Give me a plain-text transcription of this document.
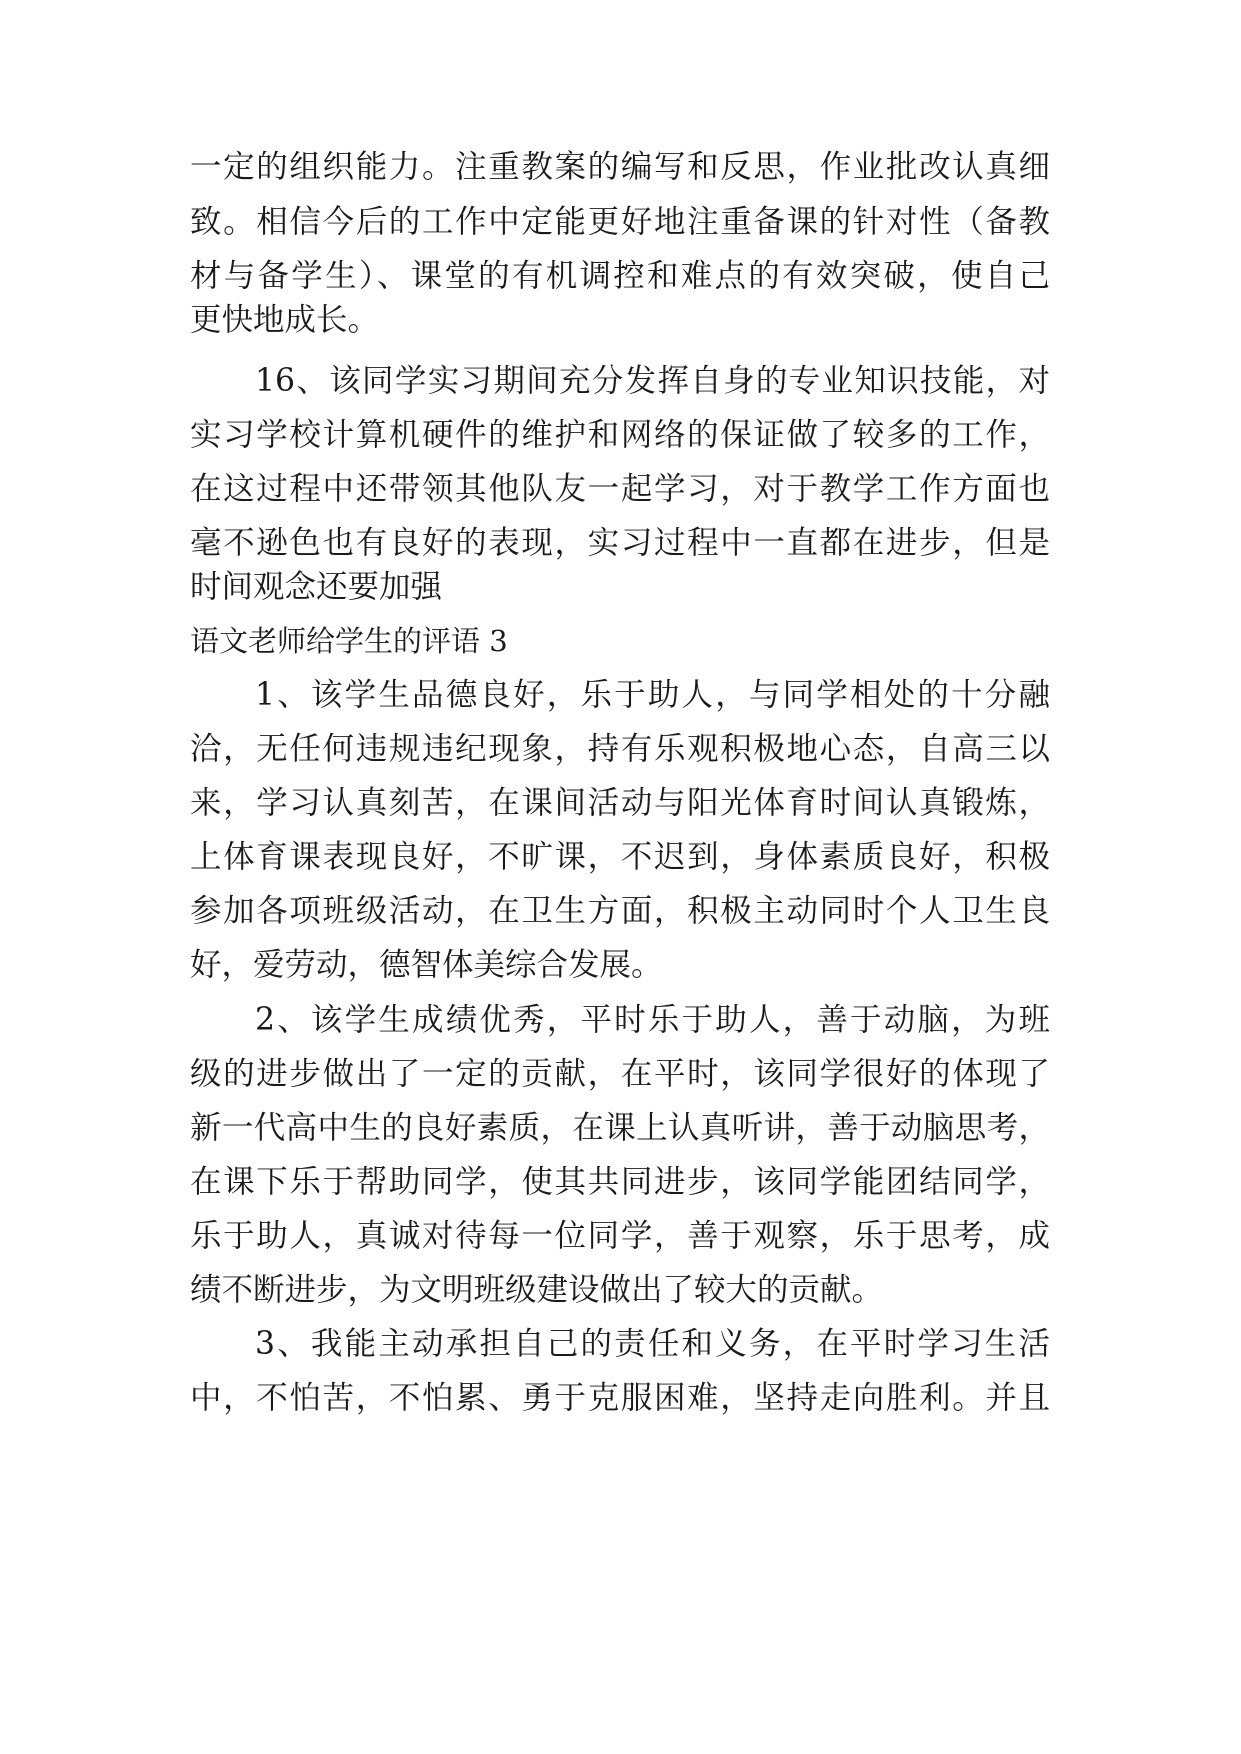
一定的组织能力。注重教案的编写和反思，作业批改认真细
致。相信今后的工作中定能更好地注重备课的针对性（备教
材与备学生）、课堂的有机调控和难点的有效突破，使自己
更快地成长。
16、该同学实习期间充分发挥自身的专业知识技能，对
实习学校计算机硬件的维护和网络的保证做了较多的工作，
在这过程中还带领其他队友一起学习，对于教学工作方面也
毫不逊色也有良好的表现，实习过程中一直都在进步，但是
时间观念还要加强
语文老师给学生的评语 3
1、该学生品德良好，乐于助人，与同学相处的十分融
洽，无任何违规违纪现象，持有乐观积极地心态，自高三以
来，学习认真刻苦，在课间活动与阳光体育时间认真锻炼，
上体育课表现良好，不旷课，不迟到，身体素质良好，积极
参加各项班级活动，在卫生方面，积极主动同时个人卫生良
好，爱劳动，德智体美综合发展。
2、该学生成绩优秀，平时乐于助人，善于动脑，为班
级的进步做出了一定的贡献，在平时，该同学很好的体现了
新一代高中生的良好素质，在课上认真听讲，善于动脑思考，
在课下乐于帮助同学，使其共同进步，该同学能团结同学，
乐于助人，真诚对待每一位同学，善于观察，乐于思考，成
绩不断进步，为文明班级建设做出了较大的贡献。
3、我能主动承担自己的责任和义务，在平时学习生活
中，不怕苦，不怕累、勇于克服困难，坚持走向胜利。并且
